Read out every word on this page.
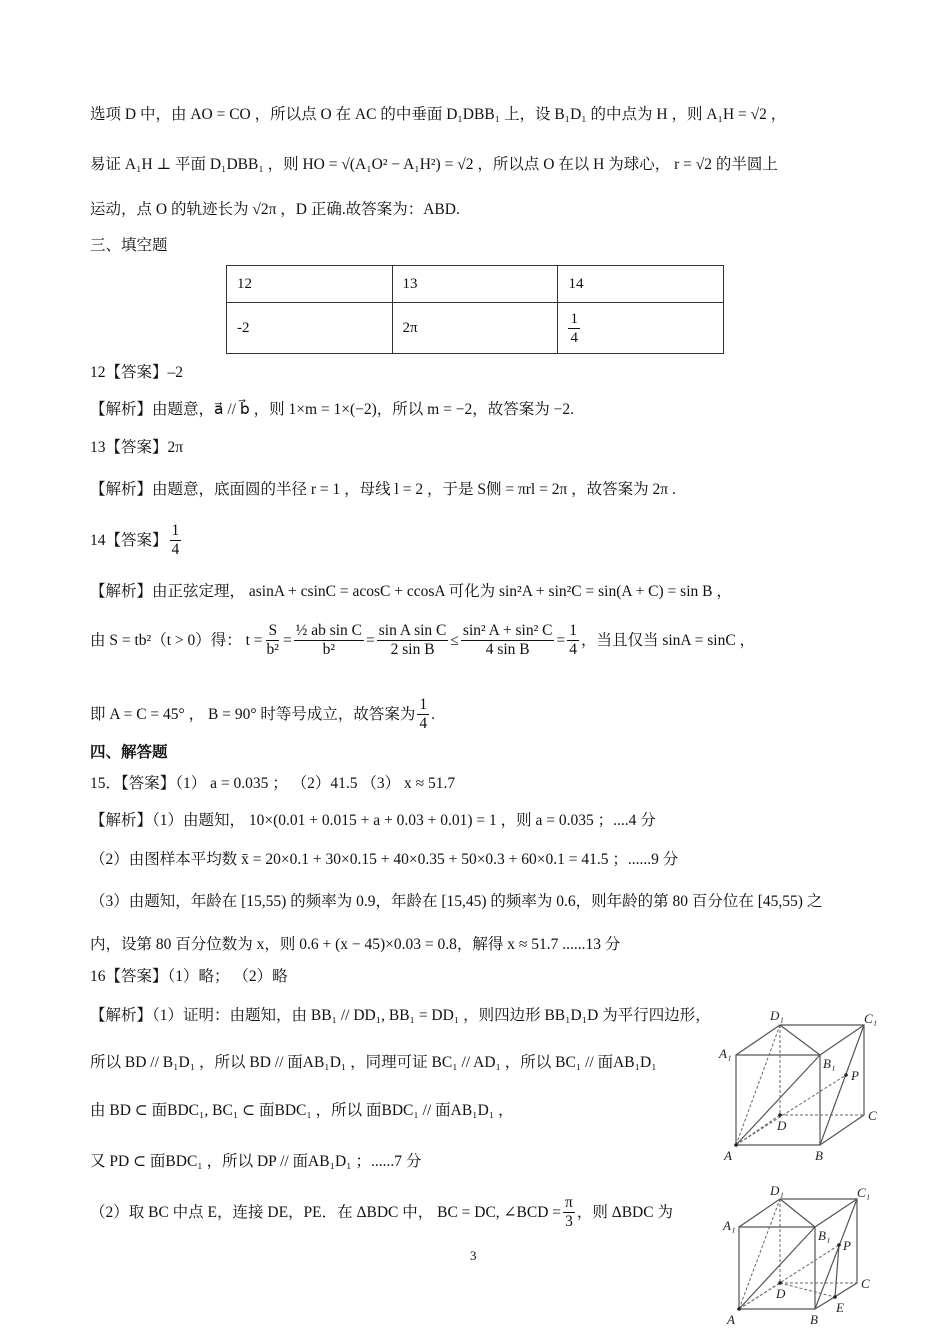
选项 D 中，由 AO = CO ，所以点 O 在 AC 的中垂面 D₁DBB₁ 上，设 B₁D₁ 的中点为 H ，则 A₁H = √2 ，
易证 A₁H ⊥ 平面 D₁DBB₁ ，则 HO = √(A₁O² − A₁H²) = √2 ，所以点 O 在以 H 为球心， r = √2 的半圆上
运动，点 O 的轨迹长为 √2π ，D 正确.故答案为：ABD.
三、填空题
12	13	14
-2	2π	$\frac{1}{4}$
12【答案】–2
【解析】由题意，a⃗ // b⃗ ，则 1×m = 1×(−2)，所以 m = −2，故答案为 −2.
13【答案】2π
【解析】由题意，底面圆的半径 r = 1 ，母线 l = 2 ，于是 S侧 = πrl = 2π ，故答案为 2π .
14【答案】 $\frac{1}{4}$
【解析】由正弦定理， asinA + csinC = acosC + ccosA 可化为 sin²A + sin²C = sin(A + C) = sin B ，
由 S = tb²（t > 0）得： $t = \frac{S}{\text{b²}} = \frac{\text{½ ab sin C}}{\text{b²}} = \frac{\text{sin A sin C}}{\text{2 sin B}} \le \frac{\text{sin² A + sin² C}}{\text{4 sin B}} = \frac{1}{4}$ ，当且仅当 sinA = sinC ，
即 A = C = 45° ， B = 90° 时等号成立，故答案为 $\frac{1}{4}$ .
四、解答题
15．【答案】（1） a = 0.035 ； （2）41.5 （3） x ≈ 51.7
【解析】（1）由题知， 10×(0.01 + 0.015 + a + 0.03 + 0.01) = 1 ，则 a = 0.035 ；....4 分
（2）由图样本平均数 x̄ = 20×0.1 + 30×0.15 + 40×0.35 + 50×0.3 + 60×0.1 = 41.5 ；......9 分
（3）由题知，年龄在 [15,55) 的频率为 0.9，年龄在 [15,45) 的频率为 0.6，则年龄的第 80 百分位在 [45,55) 之
内，设第 80 百分位数为 x，则 0.6 + (x − 45)×0.03 = 0.8，解得 x ≈ 51.7 ......13 分
16【答案】（1）略； （2）略
【解析】（1）证明：由题知，由 BB₁ // DD₁, BB₁ = DD₁ ，则四边形 BB₁D₁D 为平行四边形，
所以 BD // B₁D₁ ，所以 BD // 面AB₁D₁ ，同理可证 BC₁ // AD₁ ，所以 BC₁ // 面AB₁D₁
由 BD ⊂ 面BDC₁, BC₁ ⊂ 面BDC₁ ，所以 面BDC₁ // 面AB₁D₁ ，
又 PD ⊂ 面BDC₁ ，所以 DP // 面AB₁D₁ ；......7 分
（2）取 BC 中点 E，连接 DE，PE．在 ΔBDC 中， BC = DC, ∠BCD = $\frac{\pi}{3}$ ，则 ΔBDC 为
A	B
C
D
A₁
B₁
C₁
D₁
P
A	B
C
D
E
A₁
B₁
C₁
D₁
P
3
